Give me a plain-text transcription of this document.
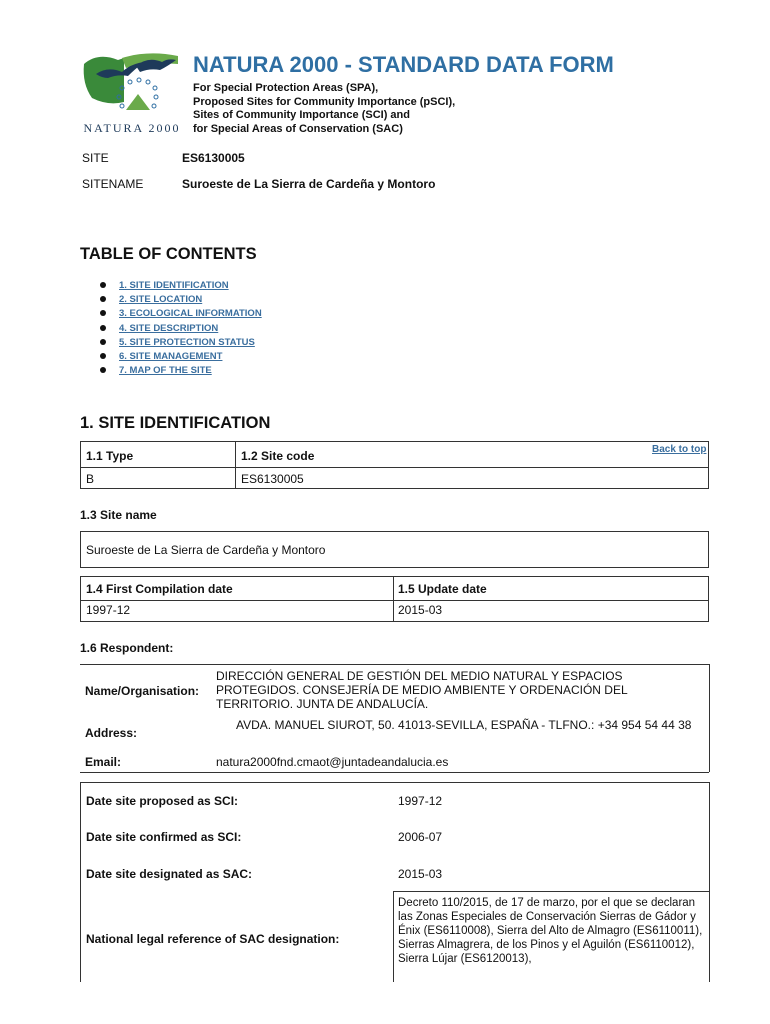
NATURA 2000
NATURA 2000 - STANDARD DATA FORM
For Special Protection Areas (SPA),
Proposed Sites for Community Importance (pSCI),
Sites of Community Importance (SCI) and
for Special Areas of Conservation (SAC)
SITE	ES6130005
SITENAME	Suroeste de La Sierra de Cardeña y Montoro
TABLE OF CONTENTS
1. SITE IDENTIFICATION
2. SITE LOCATION
3. ECOLOGICAL INFORMATION
4. SITE DESCRIPTION
5. SITE PROTECTION STATUS
6. SITE MANAGEMENT
7. MAP OF THE SITE
1. SITE IDENTIFICATION
Back to top
1.1 Type	1.2 Site code
B	ES6130005
1.3 Site name
Suroeste de La Sierra de Cardeña y Montoro
1.4 First Compilation date	1.5 Update date
1997-12	2015-03
1.6 Respondent:
Name/Organisation:
DIRECCIÓN GENERAL DE GESTIÓN DEL MEDIO NATURAL Y ESPACIOS PROTEGIDOS. CONSEJERÍA DE MEDIO AMBIENTE Y ORDENACIÓN DEL TERRITORIO. JUNTA DE ANDALUCÍA.
Address:
AVDA. MANUEL SIUROT, 50. 41013-SEVILLA, ESPAÑA - TLFNO.: +34 954 54 44 38
Email:	natura2000fnd.cmaot@juntadeandalucia.es
Date site proposed as SCI:	1997-12
Date site confirmed as SCI:	2006-07
Date site designated as SAC:	2015-03
National legal reference of SAC designation:
Decreto 110/2015, de 17 de marzo, por el que se declaran las Zonas Especiales de Conservación Sierras de Gádor y Énix (ES6110008), Sierra del Alto de Almagro (ES6110011), Sierras Almagrera, de los Pinos y el Aguilón (ES6110012), Sierra Lújar (ES6120013),
